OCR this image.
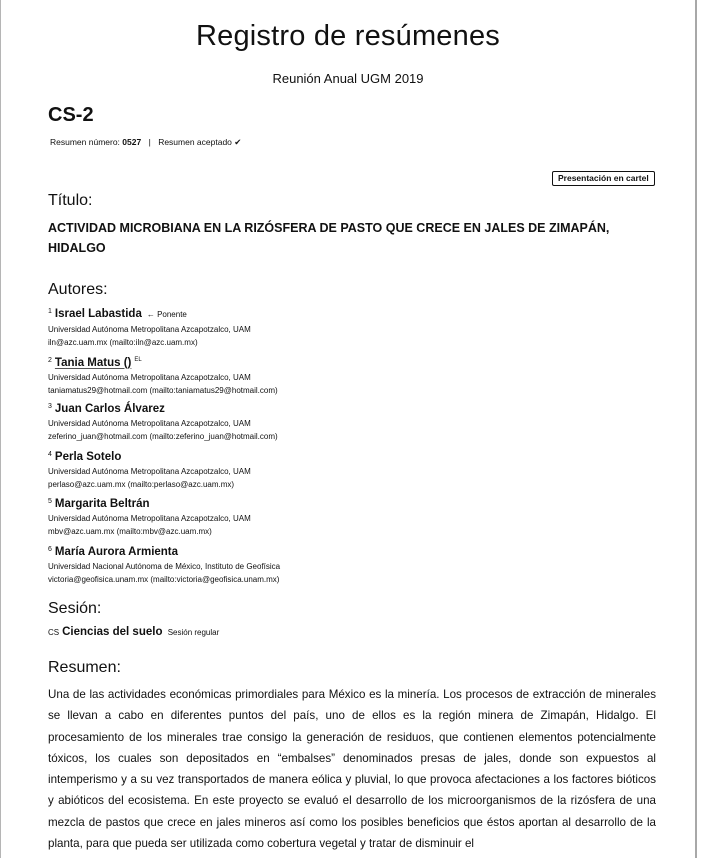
Registro de resúmenes
Reunión Anual UGM 2019
CS-2
Resumen número: 0527 | Resumen aceptado ✔
Presentación en cartel
Título:
ACTIVIDAD MICROBIANA EN LA RIZÓSFERA DE PASTO QUE CRECE EN JALES DE ZIMAPÁN, HIDALGO
Autores:
$^1$ Israel Labastida ← Ponente
Universidad Autónoma Metropolitana Azcapotzalco, UAM
iln@azc.uam.mx (mailto:iln@azc.uam.mx)
$^2$ Tania Matus () $^{EL}$
Universidad Autónoma Metropolitana Azcapotzalco, UAM
taniamatus29@hotmail.com (mailto:taniamatus29@hotmail.com)
$^3$ Juan Carlos Álvarez
Universidad Autónoma Metropolitana Azcapotzalco, UAM
zeferino_juan@hotmail.com (mailto:zeferino_juan@hotmail.com)
$^4$ Perla Sotelo
Universidad Autónoma Metropolitana Azcapotzalco, UAM
perlaso@azc.uam.mx (mailto:perlaso@azc.uam.mx)
$^5$ Margarita Beltrán
Universidad Autónoma Metropolitana Azcapotzalco, UAM
mbv@azc.uam.mx (mailto:mbv@azc.uam.mx)
$^6$ María Aurora Armienta
Universidad Nacional Autónoma de México, Instituto de Geofísica
victoria@geofisica.unam.mx (mailto:victoria@geofisica.unam.mx)
Sesión:
CS Ciencias del suelo Sesión regular
Resumen:
Una de las actividades económicas primordiales para México es la minería. Los procesos de extracción de minerales se llevan a cabo en diferentes puntos del país, uno de ellos es la región minera de Zimapán, Hidalgo. El procesamiento de los minerales trae consigo la generación de residuos, que contienen elementos potencialmente tóxicos, los cuales son depositados en “embalses” denominados presas de jales, donde son expuestos al intemperismo y a su vez transportados de manera eólica y pluvial, lo que provoca afectaciones a los factores bióticos y abióticos del ecosistema. En este proyecto se evaluó el desarrollo de los microorganismos de la rizósfera de una mezcla de pastos que crece en jales mineros así como los posibles beneficios que éstos aportan al desarrollo de la planta, para que pueda ser utilizada como cobertura vegetal y tratar de disminuir el
